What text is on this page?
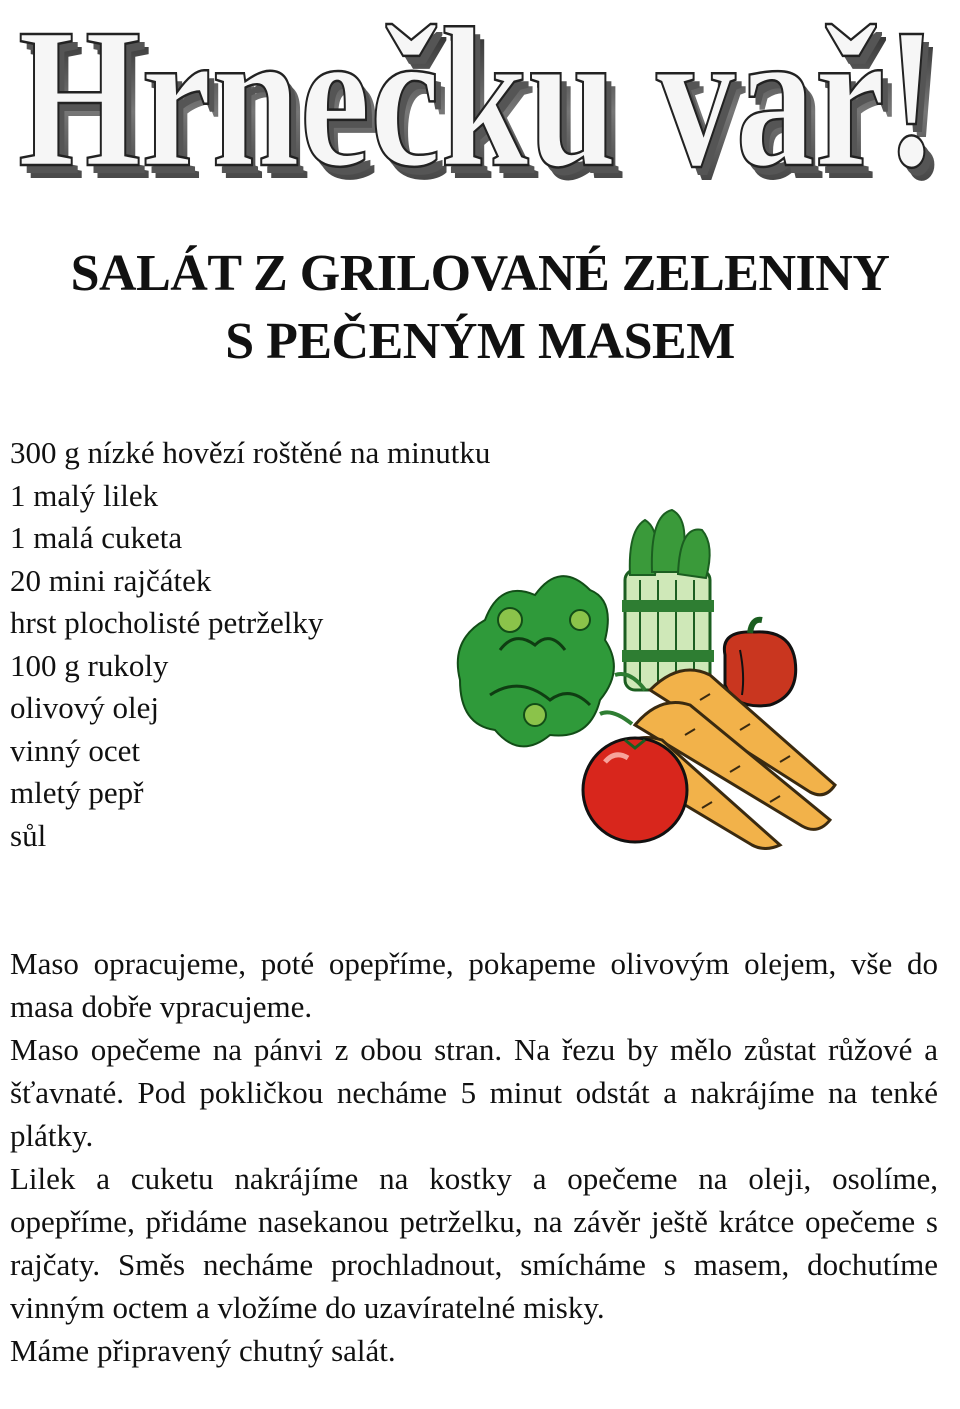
Hrnečku vař!
Hrnečku vař!
Hrnečku vař!
SALÁT Z GRILOVANÉ ZELENINY
S PEČENÝM MASEM
300 g nízké hovězí roštěné na minutku
1 malý lilek
1 malá cuketa
20 mini rajčátek
hrst plocholisté petrželky
100 g rukoly
olivový olej
vinný ocet
mletý pepř
sůl

Maso opracujeme, poté opepříme, pokapeme olivovým olejem, vše do masa dobře vpracujeme.

Maso opečeme na pánvi z obou stran. Na řezu by mělo zůstat růžové a šťavnaté. Pod pokličkou necháme 5 minut odstát a nakrájíme na tenké plátky.

Lilek a cuketu nakrájíme na kostky a opečeme na oleji, osolíme, opepříme, přidáme nasekanou petrželku, na závěr ještě krátce opečeme s rajčaty. Směs necháme prochladnout, smícháme s masem, dochutíme vinným octem a vložíme do uzavíratelné misky.

Máme připravený chutný salát.
